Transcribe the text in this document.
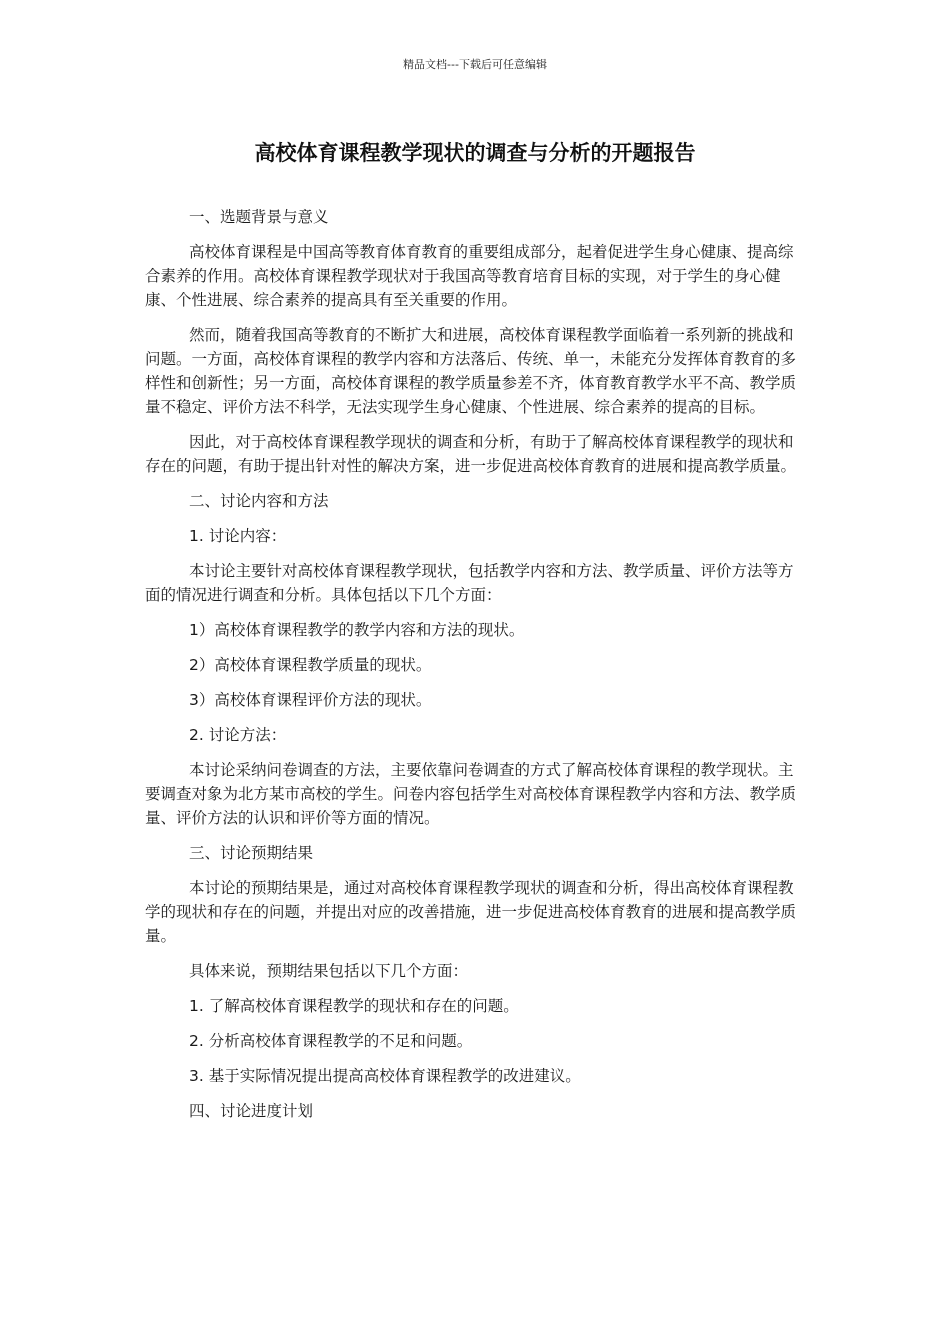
精品文档---下载后可任意编辑
高校体育课程教学现状的调查与分析的开题报告
一、选题背景与意义
高校体育课程是中国高等教育体育教育的重要组成部分，起着促进学生身心健康、提高综合素养的作用。高校体育课程教学现状对于我国高等教育培育目标的实现，对于学生的身心健康、个性进展、综合素养的提高具有至关重要的作用。
然而，随着我国高等教育的不断扩大和进展，高校体育课程教学面临着一系列新的挑战和问题。一方面，高校体育课程的教学内容和方法落后、传统、单一，未能充分发挥体育教育的多样性和创新性；另一方面，高校体育课程的教学质量参差不齐，体育教育教学水平不高、教学质量不稳定、评价方法不科学，无法实现学生身心健康、个性进展、综合素养的提高的目标。
因此，对于高校体育课程教学现状的调查和分析，有助于了解高校体育课程教学的现状和存在的问题，有助于提出针对性的解决方案，进一步促进高校体育教育的进展和提高教学质量。
二、讨论内容和方法
1. 讨论内容：
本讨论主要针对高校体育课程教学现状，包括教学内容和方法、教学质量、评价方法等方面的情况进行调查和分析。具体包括以下几个方面：
1）高校体育课程教学的教学内容和方法的现状。
2）高校体育课程教学质量的现状。
3）高校体育课程评价方法的现状。
2. 讨论方法：
本讨论采纳问卷调查的方法，主要依靠问卷调查的方式了解高校体育课程的教学现状。主要调查对象为北方某市高校的学生。问卷内容包括学生对高校体育课程教学内容和方法、教学质量、评价方法的认识和评价等方面的情况。
三、讨论预期结果
本讨论的预期结果是，通过对高校体育课程教学现状的调查和分析，得出高校体育课程教学的现状和存在的问题，并提出对应的改善措施，进一步促进高校体育教育的进展和提高教学质量。
具体来说，预期结果包括以下几个方面：
1. 了解高校体育课程教学的现状和存在的问题。
2. 分析高校体育课程教学的不足和问题。
3. 基于实际情况提出提高高校体育课程教学的改进建议。
四、讨论进度计划
